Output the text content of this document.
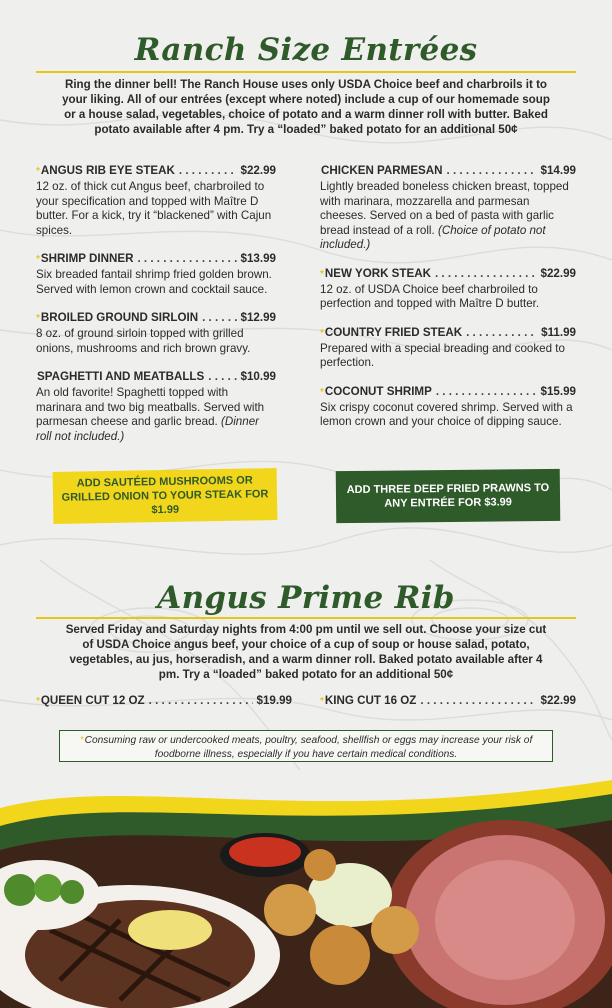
Ranch Size Entrées
Ring the dinner bell! The Ranch House uses only USDA Choice beef and charbroils it to your liking. All of our entrées (except where noted) include a cup of our homemade soup or a house salad, vegetables, choice of potato and a warm dinner roll with butter. Baked potato available after 4 pm. Try a “loaded” baked potato for an additional 50¢
* ANGUS RIB EYE STEAK . . .	$22.99
12 oz. of thick cut Angus beef, charbroiled to your specification and topped with Maître D butter. For a kick, try it “blackened” with Cajun spices.
* SHRIMP DINNER . . .	$13.99
Six breaded fantail shrimp fried golden brown. Served with lemon crown and cocktail sauce.
* BROILED GROUND SIRLOIN . . .	$12.99
8 oz. of ground sirloin topped with grilled onions, mushrooms and rich brown gravy.
SPAGHETTI AND MEATBALLS . . .	$10.99
An old favorite! Spaghetti topped with marinara and two big meatballs. Served with parmesan cheese and garlic bread. (Dinner roll not included.)
CHICKEN PARMESAN . . .	$14.99
Lightly breaded boneless chicken breast, topped with marinara, mozzarella and parmesan cheeses. Served on a bed of pasta with garlic bread instead of a roll. (Choice of potato not included.)
* NEW YORK STEAK . . .	$22.99
12 oz. of USDA Choice beef charbroiled to perfection and topped with Maître D butter.
* COUNTRY FRIED STEAK . . .	$11.99
Prepared with a special breading and cooked to perfection.
* COCONUT SHRIMP . . .	$15.99
Six crispy coconut covered shrimp. Served with a lemon crown and your choice of dipping sauce.
ADD SAUTÉED MUSHROOMS OR GRILLED ONION TO YOUR STEAK FOR $1.99
ADD THREE DEEP FRIED PRAWNS TO ANY ENTRÉE FOR $3.99
Angus Prime Rib
Served Friday and Saturday nights from 4:00 pm until we sell out. Choose your size cut of USDA Choice angus beef, your choice of a cup of soup or house salad, potato, vegetables, au jus, horseradish, and a warm dinner roll. Baked potato available after 4 pm. Try a “loaded” baked potato for an additional 50¢
* QUEEN CUT 12 OZ . . .	$19.99	* KING CUT 16 OZ . . .	$22.99
*Consuming raw or undercooked meats, poultry, seafood, shellfish or eggs may increase your risk of foodborne illness, especially if you have certain medical conditions.
